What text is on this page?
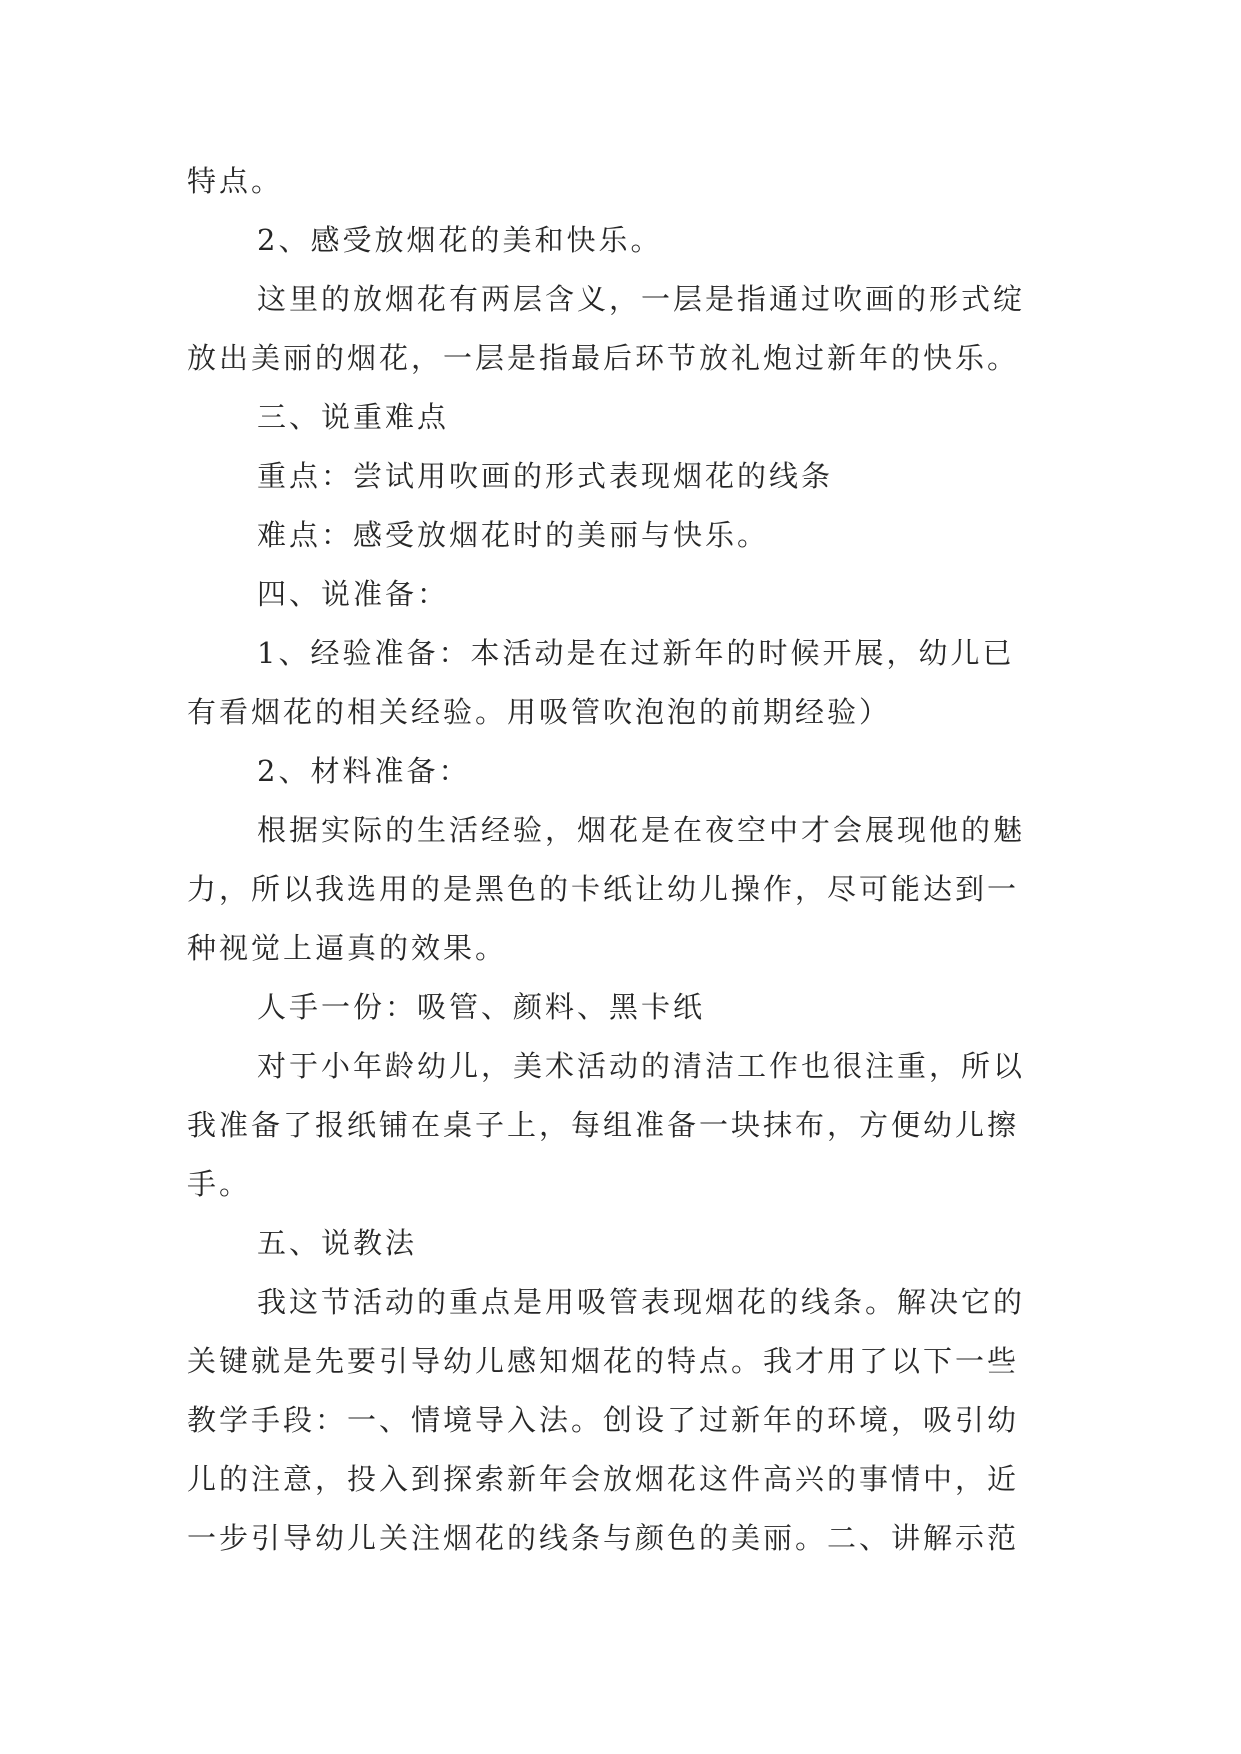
特点。
2、感受放烟花的美和快乐。
这里的放烟花有两层含义，一层是指通过吹画的形式绽
放出美丽的烟花，一层是指最后环节放礼炮过新年的快乐。
三、说重难点
重点：尝试用吹画的形式表现烟花的线条
难点：感受放烟花时的美丽与快乐。
四、说准备：
1、经验准备：本活动是在过新年的时候开展，幼儿已
有看烟花的相关经验。用吸管吹泡泡的前期经验）
2、材料准备：
根据实际的生活经验，烟花是在夜空中才会展现他的魅
力，所以我选用的是黑色的卡纸让幼儿操作，尽可能达到一
种视觉上逼真的效果。
人手一份：吸管、颜料、黑卡纸
对于小年龄幼儿，美术活动的清洁工作也很注重，所以
我准备了报纸铺在桌子上，每组准备一块抹布，方便幼儿擦
手。
五、说教法
我这节活动的重点是用吸管表现烟花的线条。解决它的
关键就是先要引导幼儿感知烟花的特点。我才用了以下一些
教学手段：一、情境导入法。创设了过新年的环境，吸引幼
儿的注意，投入到探索新年会放烟花这件高兴的事情中，近
一步引导幼儿关注烟花的线条与颜色的美丽。二、讲解示范
